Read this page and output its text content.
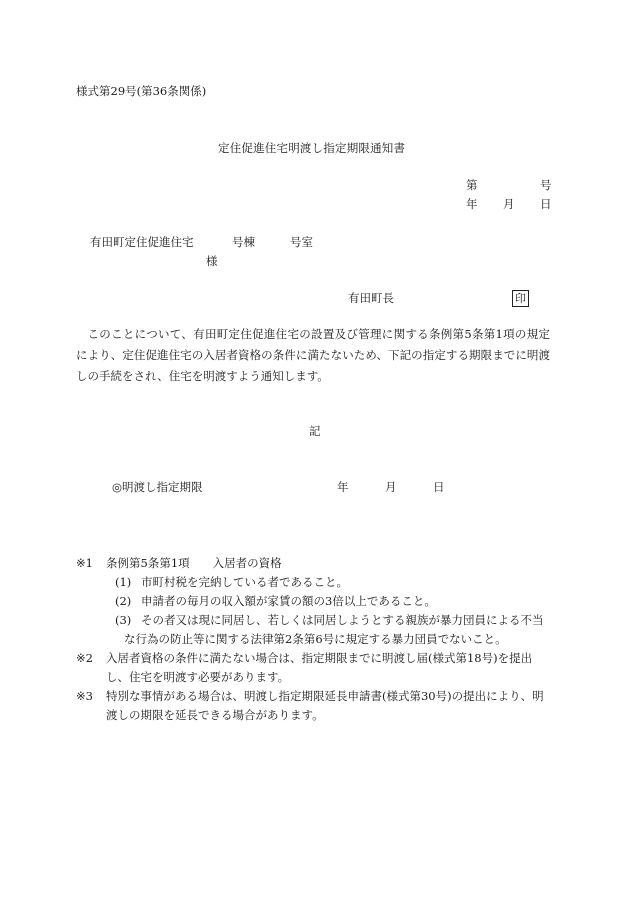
様式第29号(第36条関係)
定住促進住宅明渡し指定期限通知書
第	号
年 月 日
有田町定住促進住宅	号棟	号室
様
有田町長	印
このことについて、有田町定住促進住宅の設置及び管理に関する条例第5条第1項の規定により、定住促進住宅の入居者資格の条件に満たないため、下記の指定する期限までに明渡しの手続をされ、住宅を明渡すよう通知します。
記
◎明渡し指定期限	年	月	日
※1 条例第5条第1項　　入居者の資格
(1) 市町村税を完納している者であること。
(2) 申請者の毎月の収入額が家賃の額の3倍以上であること。
(3) その者又は現に同居し、若しくは同居しようとする親族が暴力団員による不当
な行為の防止等に関する法律第2条第6号に規定する暴力団員でないこと。
※2 入居者資格の条件に満たない場合は、指定期限までに明渡し届(様式第18号)を提出
し、住宅を明渡す必要があります。
※3 特別な事情がある場合は、明渡し指定期限延長申請書(様式第30号)の提出により、明
渡しの期限を延長できる場合があります。
